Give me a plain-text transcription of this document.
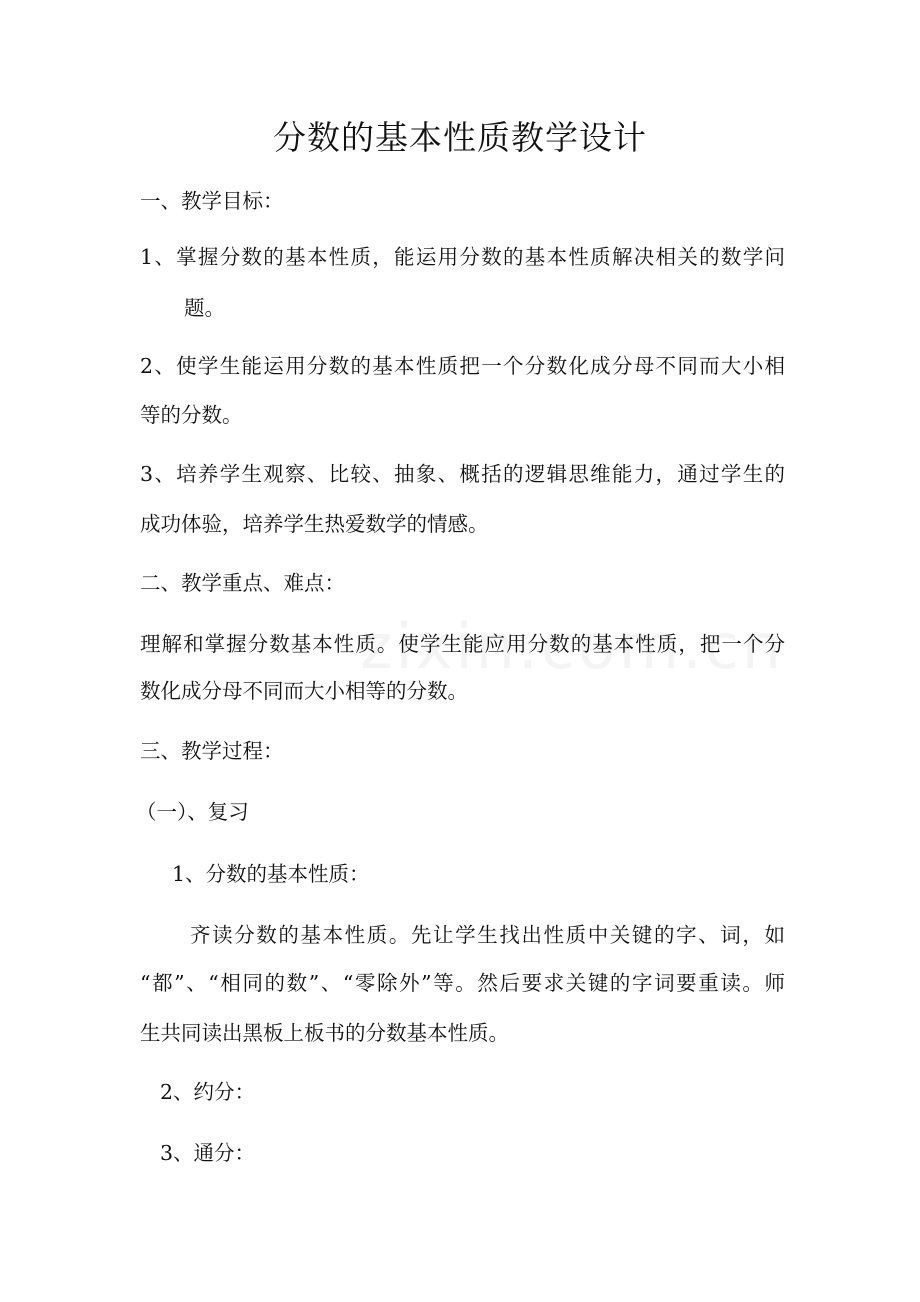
分数的基本性质教学设计
一、教学目标：
1、掌握分数的基本性质，能运用分数的基本性质解决相关的数学问
题。
2、使学生能运用分数的基本性质把一个分数化成分母不同而大小相
等的分数。
3、培养学生观察、比较、抽象、概括的逻辑思维能力，通过学生的
成功体验，培养学生热爱数学的情感。
二、教学重点、难点：
理解和掌握分数基本性质。使学生能应用分数的基本性质，把一个分
数化成分母不同而大小相等的分数。
三、教学过程：
（一）、复习
1、分数的基本性质：
齐读分数的基本性质。先让学生找出性质中关键的字、词，如
“都”、“相同的数”、“零除外”等。然后要求关键的字词要重读。师
生共同读出黑板上板书的分数基本性质。
2、约分：
3、通分：
